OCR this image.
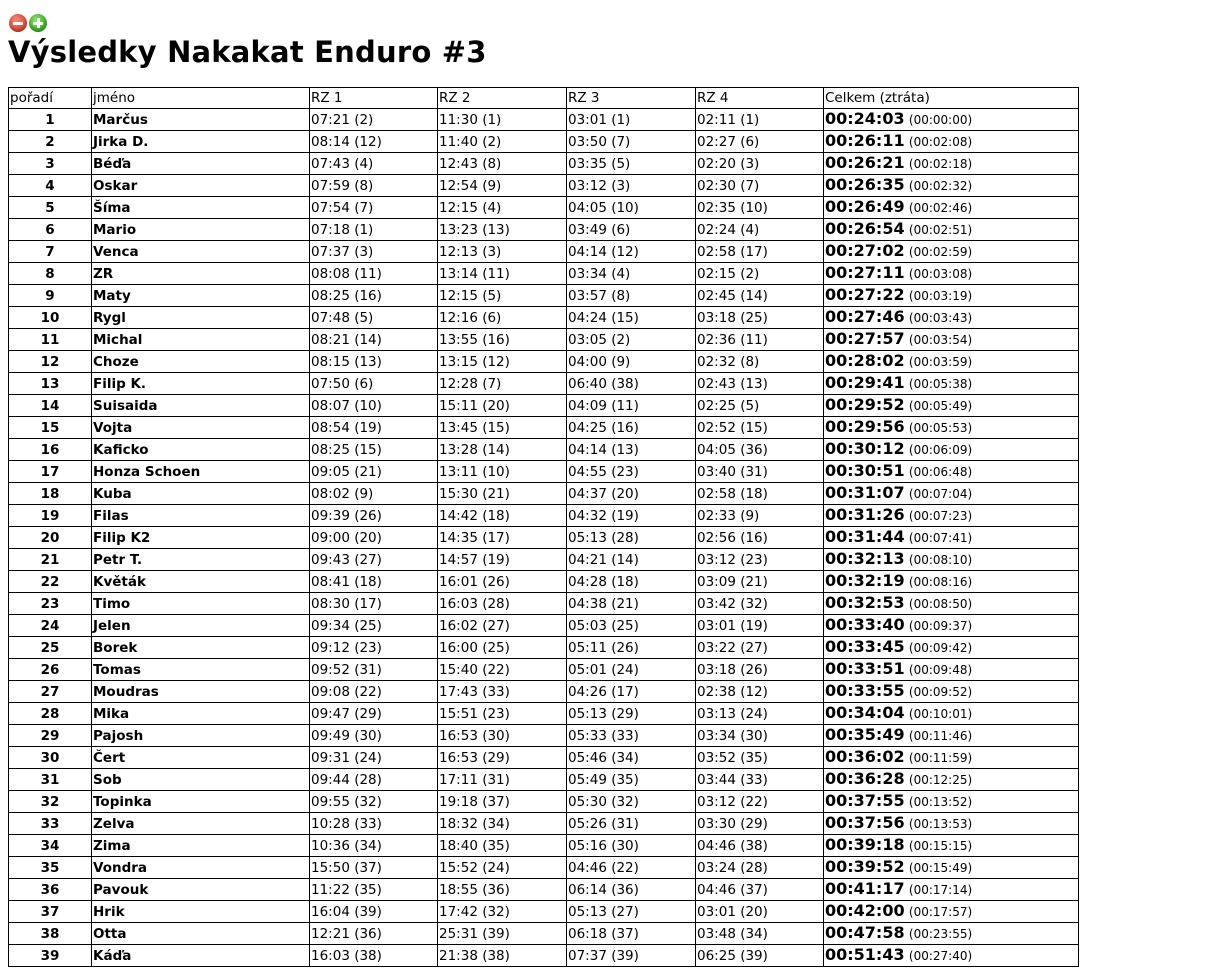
Výsledky Nakakat Enduro #3
pořadí	jméno	RZ 1	RZ 2	RZ 3	RZ 4	Celkem (ztráta)
1	Marčus	07:21 (2)	11:30 (1)	03:01 (1)	02:11 (1)	00:24:03 (00:00:00)
2	Jirka D.	08:14 (12)	11:40 (2)	03:50 (7)	02:27 (6)	00:26:11 (00:02:08)
3	Béďa	07:43 (4)	12:43 (8)	03:35 (5)	02:20 (3)	00:26:21 (00:02:18)
4	Oskar	07:59 (8)	12:54 (9)	03:12 (3)	02:30 (7)	00:26:35 (00:02:32)
5	Šíma	07:54 (7)	12:15 (4)	04:05 (10)	02:35 (10)	00:26:49 (00:02:46)
6	Mario	07:18 (1)	13:23 (13)	03:49 (6)	02:24 (4)	00:26:54 (00:02:51)
7	Venca	07:37 (3)	12:13 (3)	04:14 (12)	02:58 (17)	00:27:02 (00:02:59)
8	ZR	08:08 (11)	13:14 (11)	03:34 (4)	02:15 (2)	00:27:11 (00:03:08)
9	Maty	08:25 (16)	12:15 (5)	03:57 (8)	02:45 (14)	00:27:22 (00:03:19)
10	Rygl	07:48 (5)	12:16 (6)	04:24 (15)	03:18 (25)	00:27:46 (00:03:43)
11	Michal	08:21 (14)	13:55 (16)	03:05 (2)	02:36 (11)	00:27:57 (00:03:54)
12	Choze	08:15 (13)	13:15 (12)	04:00 (9)	02:32 (8)	00:28:02 (00:03:59)
13	Filip K.	07:50 (6)	12:28 (7)	06:40 (38)	02:43 (13)	00:29:41 (00:05:38)
14	Suisaida	08:07 (10)	15:11 (20)	04:09 (11)	02:25 (5)	00:29:52 (00:05:49)
15	Vojta	08:54 (19)	13:45 (15)	04:25 (16)	02:52 (15)	00:29:56 (00:05:53)
16	Kaficko	08:25 (15)	13:28 (14)	04:14 (13)	04:05 (36)	00:30:12 (00:06:09)
17	Honza Schoen	09:05 (21)	13:11 (10)	04:55 (23)	03:40 (31)	00:30:51 (00:06:48)
18	Kuba	08:02 (9)	15:30 (21)	04:37 (20)	02:58 (18)	00:31:07 (00:07:04)
19	Filas	09:39 (26)	14:42 (18)	04:32 (19)	02:33 (9)	00:31:26 (00:07:23)
20	Filip K2	09:00 (20)	14:35 (17)	05:13 (28)	02:56 (16)	00:31:44 (00:07:41)
21	Petr T.	09:43 (27)	14:57 (19)	04:21 (14)	03:12 (23)	00:32:13 (00:08:10)
22	Květák	08:41 (18)	16:01 (26)	04:28 (18)	03:09 (21)	00:32:19 (00:08:16)
23	Timo	08:30 (17)	16:03 (28)	04:38 (21)	03:42 (32)	00:32:53 (00:08:50)
24	Jelen	09:34 (25)	16:02 (27)	05:03 (25)	03:01 (19)	00:33:40 (00:09:37)
25	Borek	09:12 (23)	16:00 (25)	05:11 (26)	03:22 (27)	00:33:45 (00:09:42)
26	Tomas	09:52 (31)	15:40 (22)	05:01 (24)	03:18 (26)	00:33:51 (00:09:48)
27	Moudras	09:08 (22)	17:43 (33)	04:26 (17)	02:38 (12)	00:33:55 (00:09:52)
28	Mika	09:47 (29)	15:51 (23)	05:13 (29)	03:13 (24)	00:34:04 (00:10:01)
29	Pajosh	09:49 (30)	16:53 (30)	05:33 (33)	03:34 (30)	00:35:49 (00:11:46)
30	Čert	09:31 (24)	16:53 (29)	05:46 (34)	03:52 (35)	00:36:02 (00:11:59)
31	Sob	09:44 (28)	17:11 (31)	05:49 (35)	03:44 (33)	00:36:28 (00:12:25)
32	Topinka	09:55 (32)	19:18 (37)	05:30 (32)	03:12 (22)	00:37:55 (00:13:52)
33	Zelva	10:28 (33)	18:32 (34)	05:26 (31)	03:30 (29)	00:37:56 (00:13:53)
34	Zima	10:36 (34)	18:40 (35)	05:16 (30)	04:46 (38)	00:39:18 (00:15:15)
35	Vondra	15:50 (37)	15:52 (24)	04:46 (22)	03:24 (28)	00:39:52 (00:15:49)
36	Pavouk	11:22 (35)	18:55 (36)	06:14 (36)	04:46 (37)	00:41:17 (00:17:14)
37	Hrik	16:04 (39)	17:42 (32)	05:13 (27)	03:01 (20)	00:42:00 (00:17:57)
38	Otta	12:21 (36)	25:31 (39)	06:18 (37)	03:48 (34)	00:47:58 (00:23:55)
39	Káďa	16:03 (38)	21:38 (38)	07:37 (39)	06:25 (39)	00:51:43 (00:27:40)
